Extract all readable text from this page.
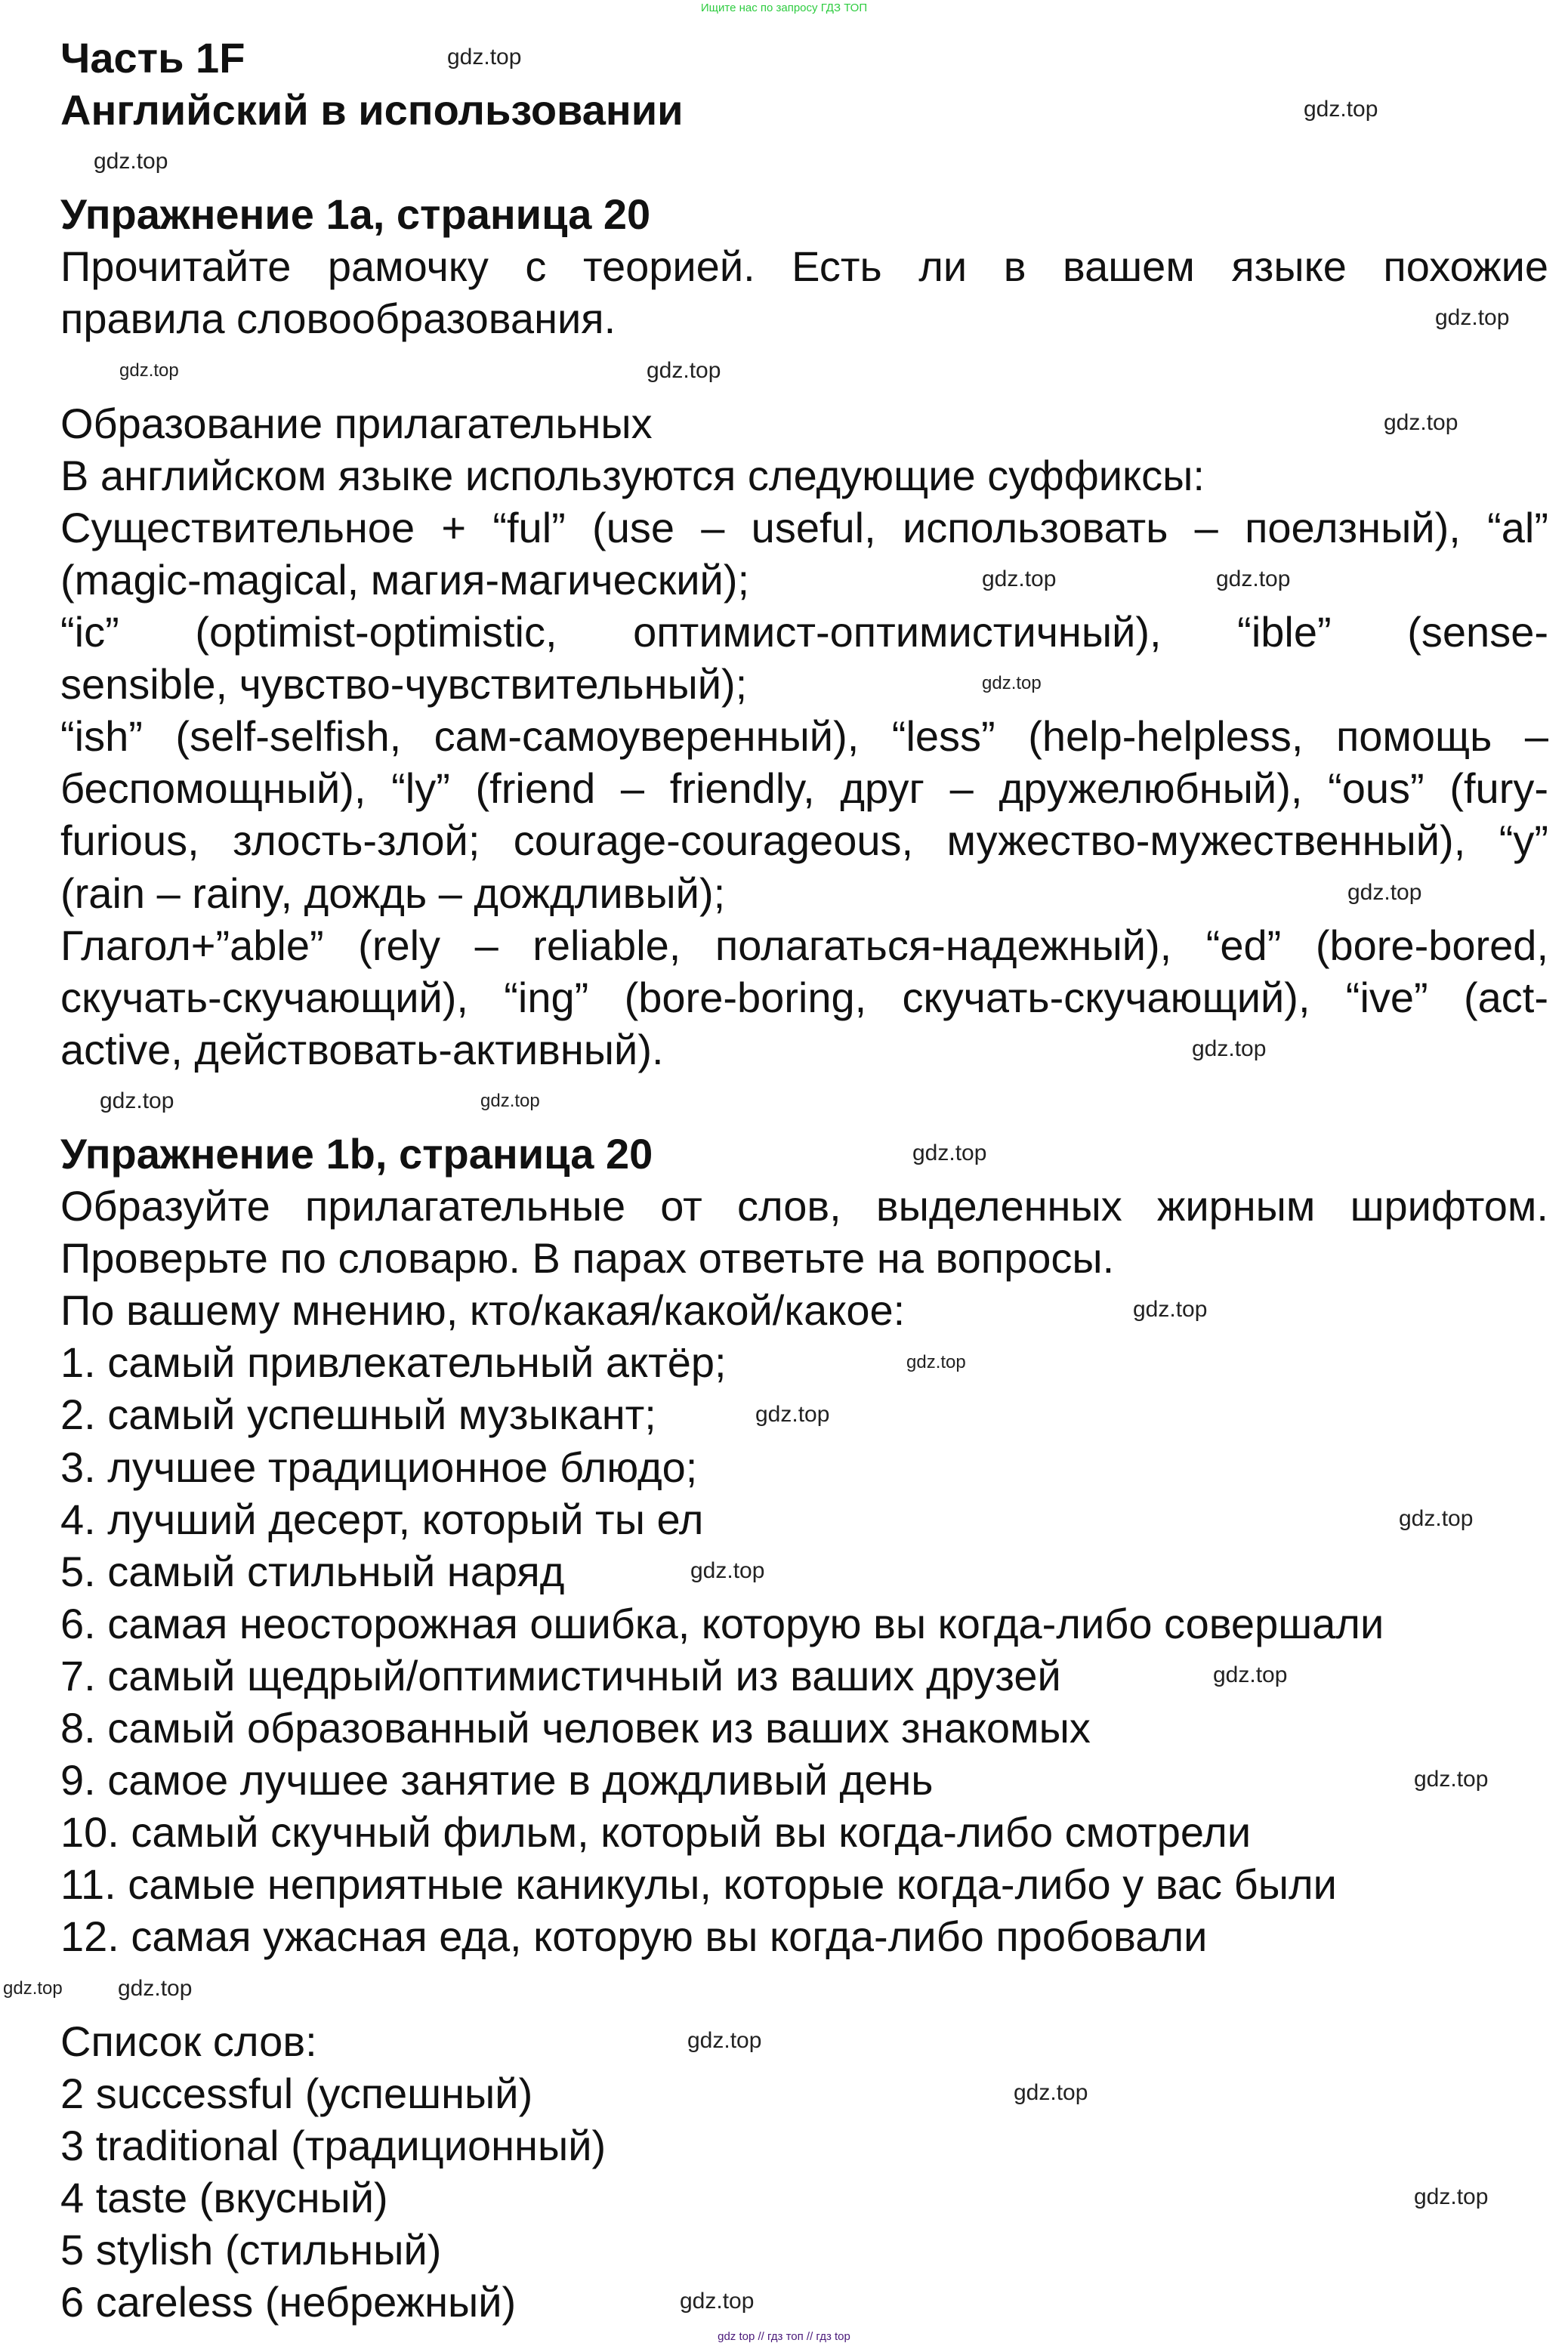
Ищите нас по запросу ГДЗ ТОП
Часть 1F
Английский в использовании
Упражнение 1a, страница 20
Прочитайте рамочку с теорией. Есть ли в вашем языке похожие
правила словообразования.
Образование прилагательных
В английском языке используются следующие суффиксы:
Существительное + “ful” (use – useful, использовать – поелзный), “al”
(magic-magical, магия-магический);
“ic” (optimist-optimistic, оптимист-оптимистичный), “ible” (sense-
sensible, чувство-чувствительный);
“ish” (self-selfish, сам-самоуверенный), “less” (help-helpless, помощь –
беспомощный), “ly” (friend – friendly, друг – дружелюбный), “ous” (fury-
furious, злость-злой; courage-courageous, мужество-мужественный), “y”
(rain – rainy, дождь – дождливый);
Глагол+”able” (rely – reliable, полагаться-надежный), “ed” (bore-bored,
скучать-скучающий), “ing” (bore-boring, скучать-скучающий), “ive” (act-
active, действовать-активный).
Упражнение 1b, страница 20
Образуйте прилагательные от слов, выделенных жирным шрифтом.
Проверьте по словарю. В парах ответьте на вопросы.
По вашему мнению, кто/какая/какой/какое:
1. самый привлекательный актёр;
2. самый успешный музыкант;
3. лучшее традиционное блюдо;
4. лучший десерт, который ты ел
5. самый стильный наряд
6. самая неосторожная ошибка, которую вы когда-либо совершали
7. самый щедрый/оптимистичный из ваших друзей
8. самый образованный человек из ваших знакомых
9. самое лучшее занятие в дождливый день
10. самый скучный фильм, который вы когда-либо смотрели
11. самые неприятные каникулы, которые когда-либо у вас были
12. самая ужасная еда, которую вы когда-либо пробовали
Список слов:
2 successful (успешный)
3 traditional (традиционный)
4 taste (вкусный)
5 stylish (стильный)
6 careless (небрежный)
gdz.top
gdz.top
gdz.top
gdz.top
gdz.top
gdz.top
gdz.top
gdz.top
gdz.top
gdz.top
gdz.top
gdz.top
gdz.top	gdz.top
gdz.top
gdz.top
gdz.top
gdz.top
gdz.top
gdz.top
gdz.top
gdz.top
gdz.top gdz.top
gdz.top
gdz.top
gdz.top
gdz.top
gdz top // гдз топ // гдз top
